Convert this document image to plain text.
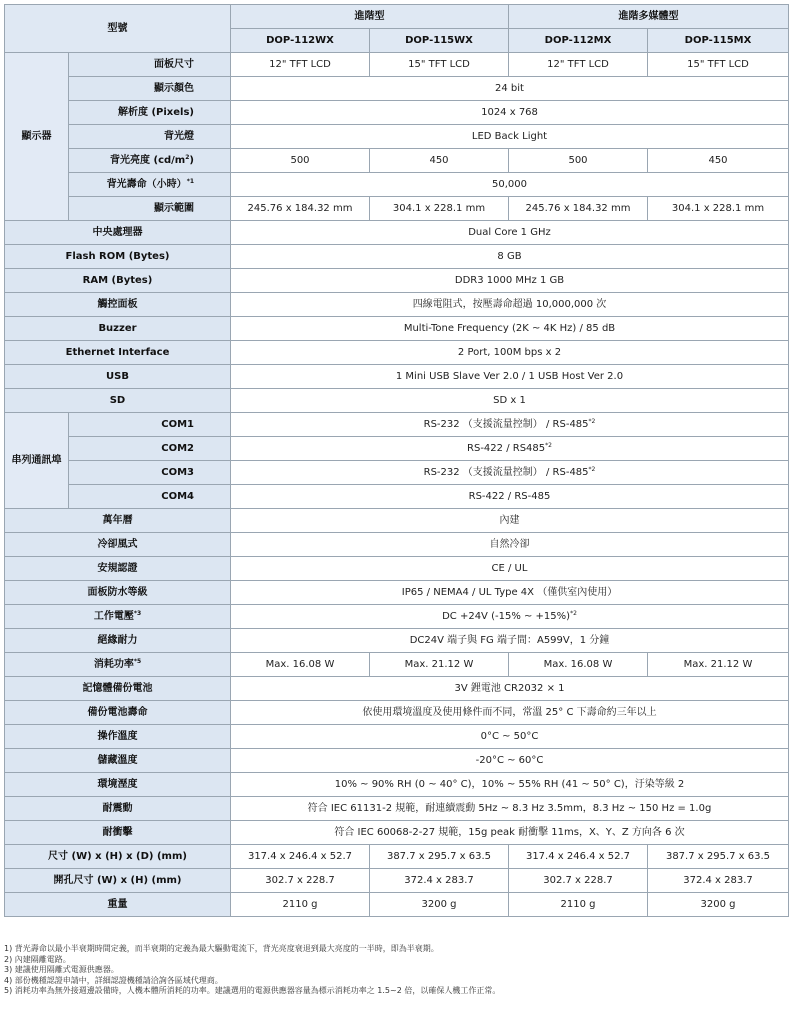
型號		進階型		進階多媒體型	
		DOP-112WX	DOP-115WX	DOP-112MX	DOP-115MX
顯示器	面板尺寸	12" TFT LCD	15" TFT LCD	12" TFT LCD	15" TFT LCD
	顯示顏色	24 bit			
	解析度 (Pixels)	1024 x 768			
	背光燈	LED Back Light			
	背光亮度 $(cd/m^2)$	500	450	500	450
	背光壽命（小時）$^{*1}$	50,000			
	顯示範圍	245.76 x 184.32 mm	304.1 x 228.1 mm	245.76 x 184.32 mm	304.1 x 228.1 mm
中央處理器		Dual Core 1 GHz			
Flash ROM (Bytes)		8 GB			
RAM (Bytes)		DDR3 1000 MHz 1 GB			
觸控面板		四線電阻式，按壓壽命超過 10,000,000 次			
Buzzer		Multi-Tone Frequency (2K ~ 4K Hz) / 85 dB			
Ethernet Interface		2 Port, 100M bps x 2			
USB		1 Mini USB Slave Ver 2.0 / 1 USB Host Ver 2.0			
SD		SD x 1			
串列通訊埠	COM1	RS-232 （支援流量控制） / RS-485$^{*2}$
	COM2	RS-422 / RS485$^{*2}$
	COM3	RS-232 （支援流量控制） / RS-485$^{*2}$
	COM4	RS-422 / RS-485			
萬年曆		內建			
冷卻風式		自然冷卻			
安規認證		CE / UL			
面板防水等級		IP65 / NEMA4 / UL Type 4X （僅供室內使用）			
工作電壓$^{*3}$		DC +24V (-15% ~ +15%)$^{*2}$
絕緣耐力		DC24V 端子與 FG 端子間：A599V，1 分鐘			
消耗功率$^{*5}$		Max. 16.08 W	Max. 21.12 W	Max. 16.08 W	Max. 21.12 W
記憶體備份電池		3V 鋰電池 CR2032 × 1			
備份電池壽命		依使用環境溫度及使用條件而不同，常溫 25° C 下壽命約三年以上			
操作溫度		0°C ~ 50°C			
儲藏溫度		-20°C ~ 60°C			
環境溼度		10% ~ 90% RH (0 ~ 40° C)，10% ~ 55% RH (41 ~ 50° C)，汙染等級 2			
耐震動		符合 IEC 61131-2 規範，耐連續震動 5Hz ~ 8.3 Hz 3.5mm，8.3 Hz ~ 150 Hz = 1.0g			
耐衝擊		符合 IEC 60068-2-27 規範，15g peak 耐衝擊 11ms，X、Y、Z 方向各 6 次			
尺寸 (W) x (H) x (D) (mm)		317.4 x 246.4 x 52.7	387.7 x 295.7 x 63.5	317.4 x 246.4 x 52.7	387.7 x 295.7 x 63.5
開孔尺寸 (W) x (H) (mm)		302.7 x 228.7	372.4 x 283.7	302.7 x 228.7	372.4 x 283.7
重量		2110 g	3200 g	2110 g	3200 g
1) 背光壽命以最小半衰期時間定義，而半衰期的定義為最大驅動電流下，背光亮度衰退到最大亮度的一半時，即為半衰期。
2) 內建隔離電路。
3) 建議使用隔離式電源供應器。
4) 部份機種認證申請中，詳細認證機種請洽詢各區域代理商。
5) 消耗功率為無外接週邊設備時，人機本體所消耗的功率。建議選用的電源供應器容量為標示消耗功率之 1.5~2 倍，以確保人機工作正常。
